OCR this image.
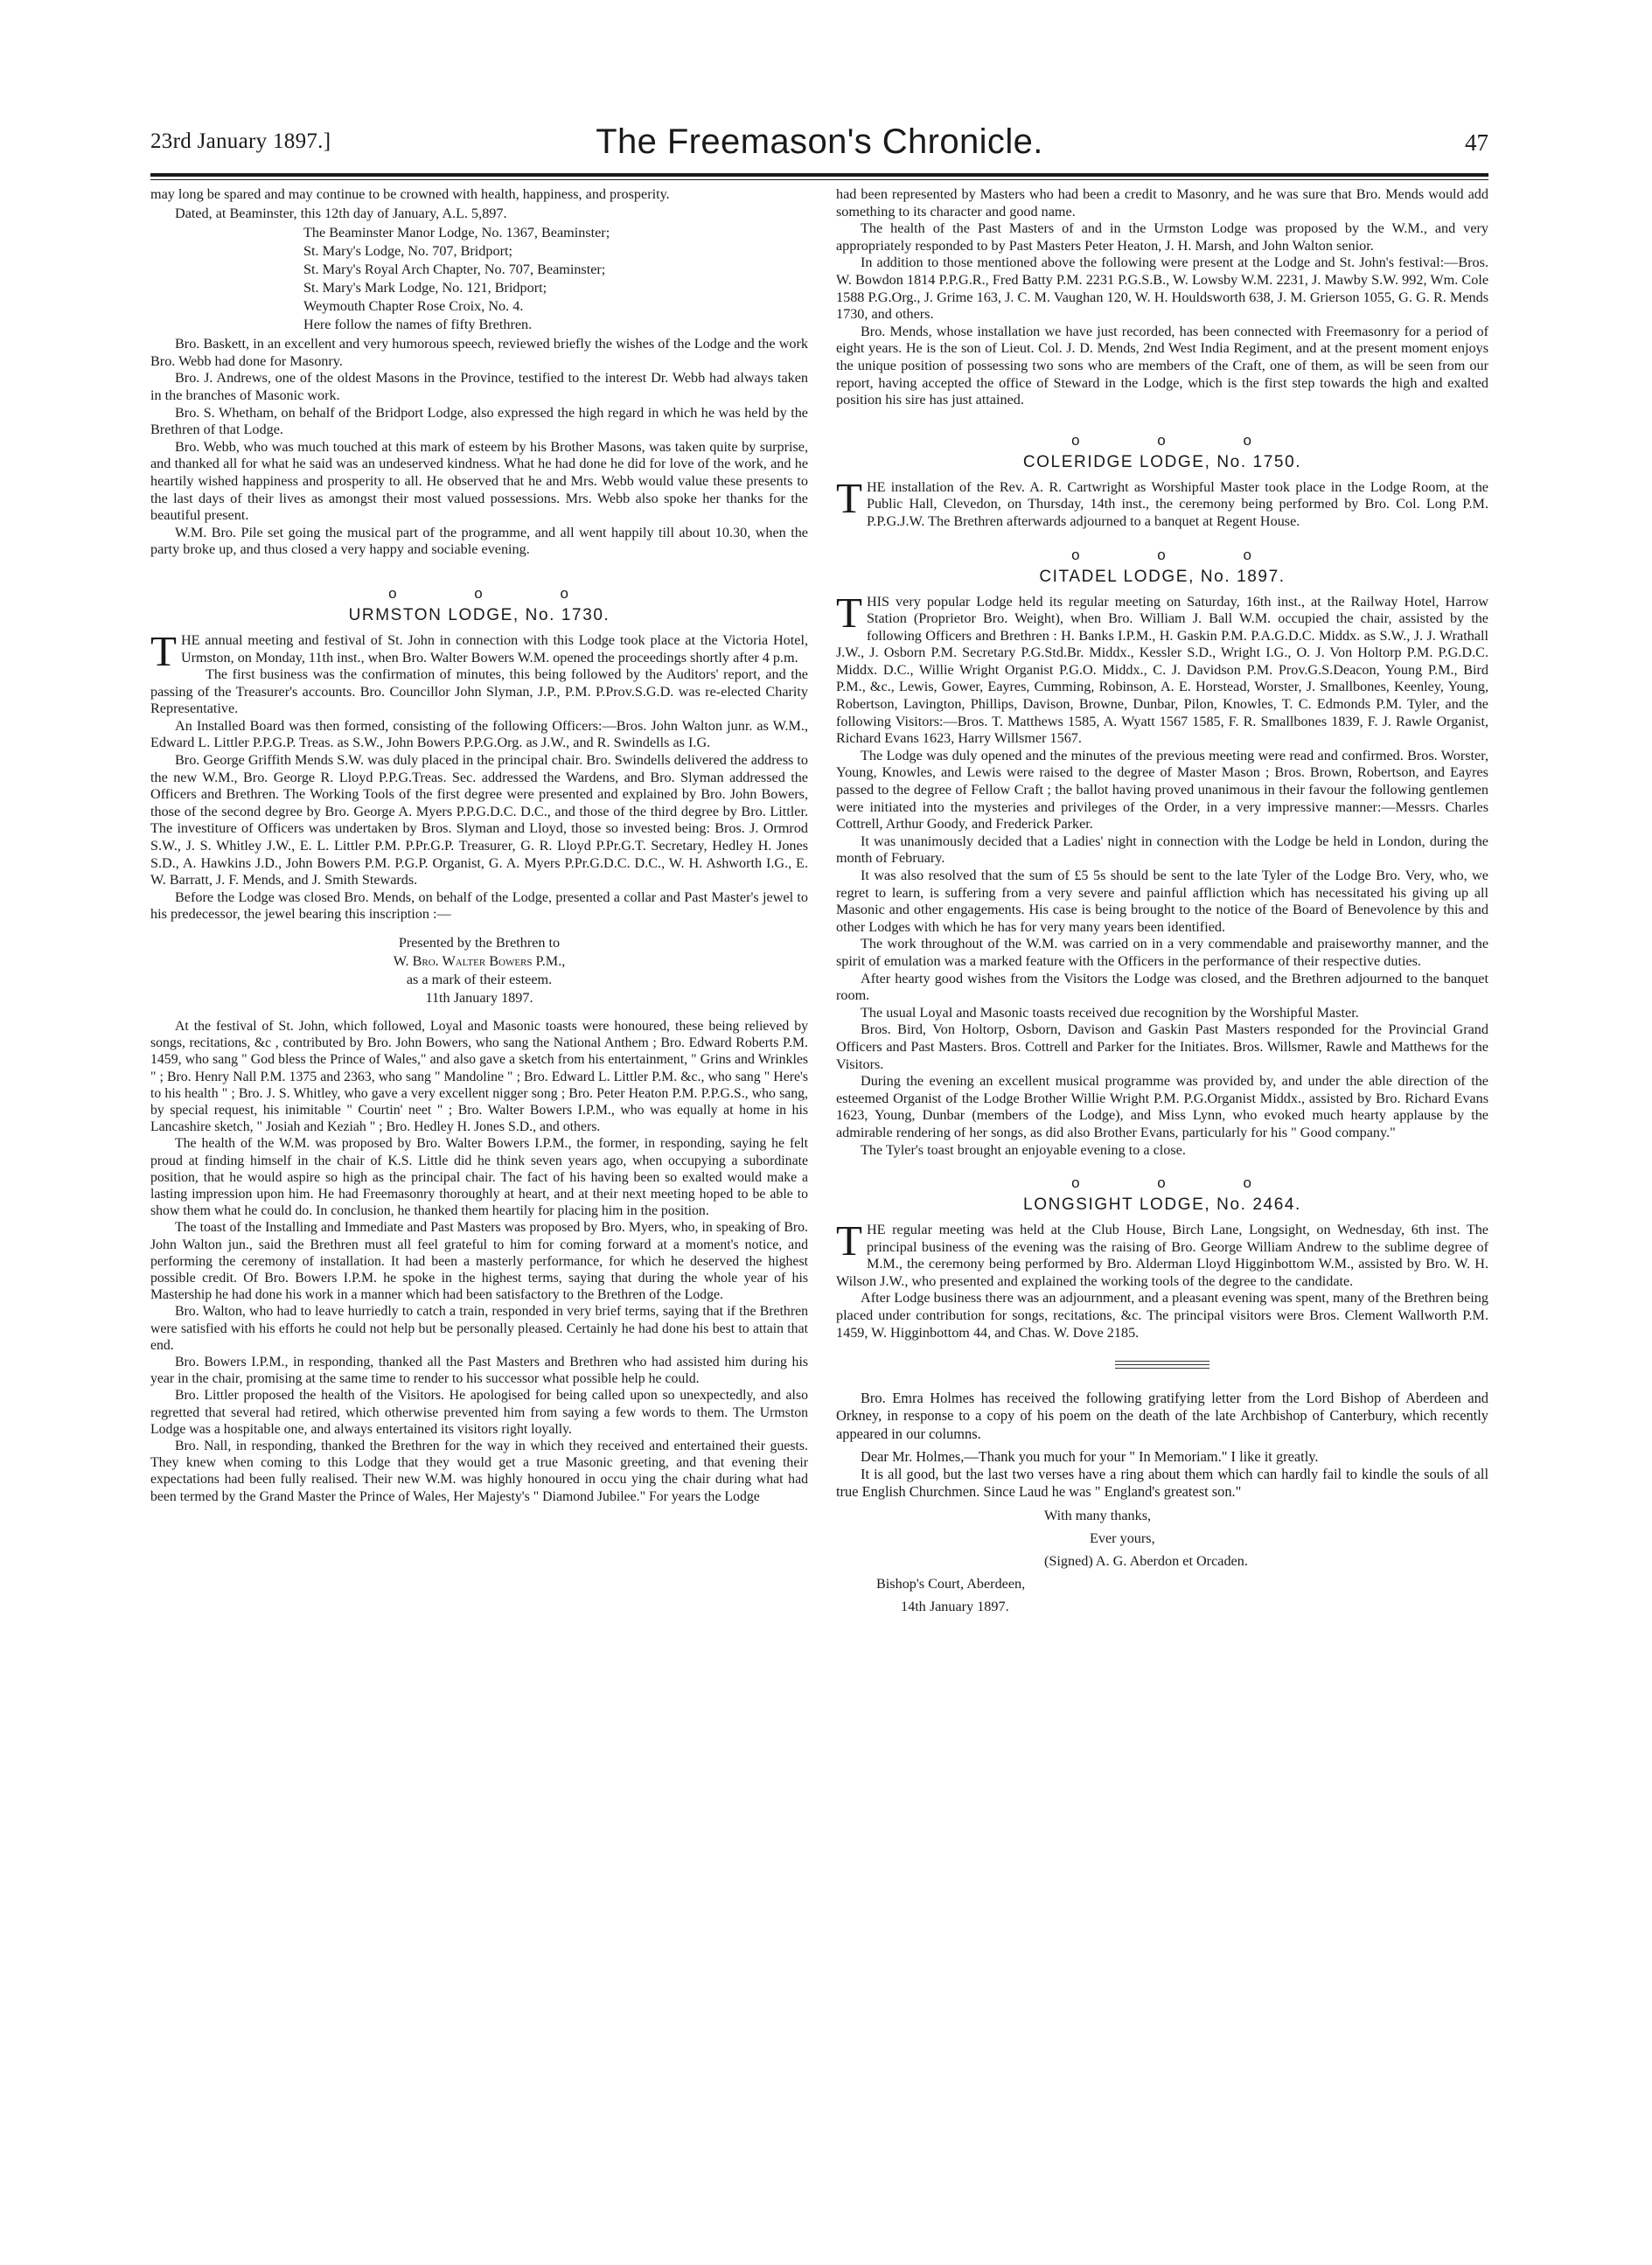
23rd January 1897.]	The Freemason's Chronicle.	47

may long be spared and may continue to be crowned with health, happiness, and prosperity.

Dated, at Beaminster, this 12th day of January, A.L. 5,897.

The Beaminster Manor Lodge, No. 1367, Beaminster;

St. Mary's Lodge, No. 707, Bridport;

St. Mary's Royal Arch Chapter, No. 707, Beaminster;

St. Mary's Mark Lodge, No. 121, Bridport;

Weymouth Chapter Rose Croix, No. 4.

Here follow the names of fifty Brethren.

Bro. Baskett, in an excellent and very humorous speech, reviewed briefly the wishes of the Lodge and the work Bro. Webb had done for Masonry.

Bro. J. Andrews, one of the oldest Masons in the Province, testified to the interest Dr. Webb had always taken in the branches of Masonic work.

Bro. S. Whetham, on behalf of the Bridport Lodge, also expressed the high regard in which he was held by the Brethren of that Lodge.

Bro. Webb, who was much touched at this mark of esteem by his Brother Masons, was taken quite by surprise, and thanked all for what he said was an undeserved kindness. What he had done he did for love of the work, and he heartily wished happiness and prosperity to all. He observed that he and Mrs. Webb would value these presents to the last days of their lives as amongst their most valued possessions. Mrs. Webb also spoke her thanks for the beautiful present.

W.M. Bro. Pile set going the musical part of the programme, and all went happily till about 10.30, when the party broke up, and thus closed a very happy and sociable evening.

o o o
URMSTON LODGE, No. 1730.

THE annual meeting and festival of St. John in connection with this Lodge took place at the Victoria Hotel, Urmston, on Monday, 11th inst., when Bro. Walter Bowers W.M. opened the proceedings shortly after 4 p.m.

The first business was the confirmation of minutes, this being followed by the Auditors' report, and the passing of the Treasurer's accounts. Bro. Councillor John Slyman, J.P., P.M. P.Prov.S.G.D. was re-elected Charity Representative.

An Installed Board was then formed, consisting of the following Officers:—Bros. John Walton junr. as W.M., Edward L. Littler P.P.G.P. Treas. as S.W., John Bowers P.P.G.Org. as J.W., and R. Swindells as I.G.

Bro. George Griffith Mends S.W. was duly placed in the principal chair. Bro. Swindells delivered the address to the new W.M., Bro. George R. Lloyd P.P.G.Treas. Sec. addressed the Wardens, and Bro. Slyman addressed the Officers and Brethren. The Working Tools of the first degree were presented and explained by Bro. John Bowers, those of the second degree by Bro. George A. Myers P.P.G.D.C. D.C., and those of the third degree by Bro. Littler. The investiture of Officers was undertaken by Bros. Slyman and Lloyd, those so invested being: Bros. J. Ormrod S.W., J. S. Whitley J.W., E. L. Littler P.M. P.Pr.G.P. Treasurer, G. R. Lloyd P.Pr.G.T. Secretary, Hedley H. Jones S.D., A. Hawkins J.D., John Bowers P.M. P.G.P. Organist, G. A. Myers P.Pr.G.D.C. D.C., W. H. Ashworth I.G., E. W. Barratt, J. F. Mends, and J. Smith Stewards.

Before the Lodge was closed Bro. Mends, on behalf of the Lodge, presented a collar and Past Master's jewel to his predecessor, the jewel bearing this inscription :—

Presented by the Brethren to

W. Bro. Walter Bowers P.M.,

as a mark of their esteem.

11th January 1897.

At the festival of St. John, which followed, Loyal and Masonic toasts were honoured, these being relieved by songs, recitations, &c , contributed by Bro. John Bowers, who sang the National Anthem ; Bro. Edward Roberts P.M. 1459, who sang " God bless the Prince of Wales," and also gave a sketch from his entertainment, " Grins and Wrinkles " ; Bro. Henry Nall P.M. 1375 and 2363, who sang " Mandoline " ; Bro. Edward L. Littler P.M. &c., who sang " Here's to his health " ; Bro. J. S. Whitley, who gave a very excellent nigger song ; Bro. Peter Heaton P.M. P.P.G.S., who sang, by special request, his inimitable " Courtin' neet " ; Bro. Walter Bowers I.P.M., who was equally at home in his Lancashire sketch, " Josiah and Keziah " ; Bro. Hedley H. Jones S.D., and others.

The health of the W.M. was proposed by Bro. Walter Bowers I.P.M., the former, in responding, saying he felt proud at finding himself in the chair of K.S. Little did he think seven years ago, when occupying a subordinate position, that he would aspire so high as the principal chair. The fact of his having been so exalted would make a lasting impression upon him. He had Freemasonry thoroughly at heart, and at their next meeting hoped to be able to show them what he could do. In conclusion, he thanked them heartily for placing him in the position.

The toast of the Installing and Immediate and Past Masters was proposed by Bro. Myers, who, in speaking of Bro. John Walton jun., said the Brethren must all feel grateful to him for coming forward at a moment's notice, and performing the ceremony of installation. It had been a masterly performance, for which he deserved the highest possible credit. Of Bro. Bowers I.P.M. he spoke in the highest terms, saying that during the whole year of his Mastership he had done his work in a manner which had been satisfactory to the Brethren of the Lodge.

Bro. Walton, who had to leave hurriedly to catch a train, responded in very brief terms, saying that if the Brethren were satisfied with his efforts he could not help but be personally pleased. Certainly he had done his best to attain that end.

Bro. Bowers I.P.M., in responding, thanked all the Past Masters and Brethren who had assisted him during his year in the chair, promising at the same time to render to his successor what possible help he could.

Bro. Littler proposed the health of the Visitors. He apologised for being called upon so unexpectedly, and also regretted that several had retired, which otherwise prevented him from saying a few words to them. The Urmston Lodge was a hospitable one, and always entertained its visitors right loyally.

Bro. Nall, in responding, thanked the Brethren for the way in which they received and entertained their guests. They knew when coming to this Lodge that they would get a true Masonic greeting, and that evening their expectations had been fully realised. Their new W.M. was highly honoured in occu ying the chair during what had been termed by the Grand Master the Prince of Wales, Her Majesty's " Diamond Jubilee." For years the Lodge

had been represented by Masters who had been a credit to Masonry, and he was sure that Bro. Mends would add something to its character and good name.

The health of the Past Masters of and in the Urmston Lodge was proposed by the W.M., and very appropriately responded to by Past Masters Peter Heaton, J. H. Marsh, and John Walton senior.

In addition to those mentioned above the following were present at the Lodge and St. John's festival:—Bros. W. Bowdon 1814 P.P.G.R., Fred Batty P.M. 2231 P.G.S.B., W. Lowsby W.M. 2231, J. Mawby S.W. 992, Wm. Cole 1588 P.G.Org., J. Grime 163, J. C. M. Vaughan 120, W. H. Houldsworth 638, J. M. Grierson 1055, G. G. R. Mends 1730, and others.

Bro. Mends, whose installation we have just recorded, has been connected with Freemasonry for a period of eight years. He is the son of Lieut. Col. J. D. Mends, 2nd West India Regiment, and at the present moment enjoys the unique position of possessing two sons who are members of the Craft, one of them, as will be seen from our report, having accepted the office of Steward in the Lodge, which is the first step towards the high and exalted position his sire has just attained.

o o o
COLERIDGE LODGE, No. 1750.

THE installation of the Rev. A. R. Cartwright as Worshipful Master took place in the Lodge Room, at the Public Hall, Clevedon, on Thursday, 14th inst., the ceremony being performed by Bro. Col. Long P.M. P.P.G.J.W. The Brethren afterwards adjourned to a banquet at Regent House.

o o o
CITADEL LODGE, No. 1897.

THIS very popular Lodge held its regular meeting on Saturday, 16th inst., at the Railway Hotel, Harrow Station (Proprietor Bro. Weight), when Bro. William J. Ball W.M. occupied the chair, assisted by the following Officers and Brethren : H. Banks I.P.M., H. Gaskin P.M. P.A.G.D.C. Middx. as S.W., J. J. Wrathall J.W., J. Osborn P.M. Secretary P.G.Std.Br. Middx., Kessler S.D., Wright I.G., O. J. Von Holtorp P.M. P.G.D.C. Middx. D.C., Willie Wright Organist P.G.O. Middx., C. J. Davidson P.M. Prov.G.S.Deacon, Young P.M., Bird P.M., &c., Lewis, Gower, Eayres, Cumming, Robinson, A. E. Horstead, Worster, J. Smallbones, Keenley, Young, Robertson, Lavington, Phillips, Davison, Browne, Dunbar, Pilon, Knowles, T. C. Edmonds P.M. Tyler, and the following Visitors:—Bros. T. Matthews 1585, A. Wyatt 1567 1585, F. R. Smallbones 1839, F. J. Rawle Organist, Richard Evans 1623, Harry Willsmer 1567.

The Lodge was duly opened and the minutes of the previous meeting were read and confirmed. Bros. Worster, Young, Knowles, and Lewis were raised to the degree of Master Mason ; Bros. Brown, Robertson, and Eayres passed to the degree of Fellow Craft ; the ballot having proved unanimous in their favour the following gentlemen were initiated into the mysteries and privileges of the Order, in a very impressive manner:—Messrs. Charles Cottrell, Arthur Goody, and Frederick Parker.

It was unanimously decided that a Ladies' night in connection with the Lodge be held in London, during the month of February.

It was also resolved that the sum of £5 5s should be sent to the late Tyler of the Lodge Bro. Very, who, we regret to learn, is suffering from a very severe and painful affliction which has necessitated his giving up all Masonic and other engagements. His case is being brought to the notice of the Board of Benevolence by this and other Lodges with which he has for very many years been identified.

The work throughout of the W.M. was carried on in a very commendable and praiseworthy manner, and the spirit of emulation was a marked feature with the Officers in the performance of their respective duties.

After hearty good wishes from the Visitors the Lodge was closed, and the Brethren adjourned to the banquet room.

The usual Loyal and Masonic toasts received due recognition by the Worshipful Master.

Bros. Bird, Von Holtorp, Osborn, Davison and Gaskin Past Masters responded for the Provincial Grand Officers and Past Masters. Bros. Cottrell and Parker for the Initiates. Bros. Willsmer, Rawle and Matthews for the Visitors.

During the evening an excellent musical programme was provided by, and under the able direction of the esteemed Organist of the Lodge Brother Willie Wright P.M. P.G.Organist Middx., assisted by Bro. Richard Evans 1623, Young, Dunbar (members of the Lodge), and Miss Lynn, who evoked much hearty applause by the admirable rendering of her songs, as did also Brother Evans, particularly for his " Good company."

The Tyler's toast brought an enjoyable evening to a close.

o o o
LONGSIGHT LODGE, No. 2464.

THE regular meeting was held at the Club House, Birch Lane, Longsight, on Wednesday, 6th inst. The principal business of the evening was the raising of Bro. George William Andrew to the sublime degree of M.M., the ceremony being performed by Bro. Alderman Lloyd Higginbottom W.M., assisted by Bro. W. H. Wilson J.W., who presented and explained the working tools of the degree to the candidate.

After Lodge business there was an adjournment, and a pleasant evening was spent, many of the Brethren being placed under contribution for songs, recitations, &c. The principal visitors were Bros. Clement Wallworth P.M. 1459, W. Higginbottom 44, and Chas. W. Dove 2185.

Bro. Emra Holmes has received the following gratifying letter from the Lord Bishop of Aberdeen and Orkney, in response to a copy of his poem on the death of the late Archbishop of Canterbury, which recently appeared in our columns.

Dear Mr. Holmes,—Thank you much for your " In Memoriam." I like it greatly.

It is all good, but the last two verses have a ring about them which can hardly fail to kindle the souls of all true English Churchmen. Since Laud he was " England's greatest son."

With many thanks,

Ever yours,

(Signed) A. G. Aberdon et Orcaden.

Bishop's Court, Aberdeen,

14th January 1897.
